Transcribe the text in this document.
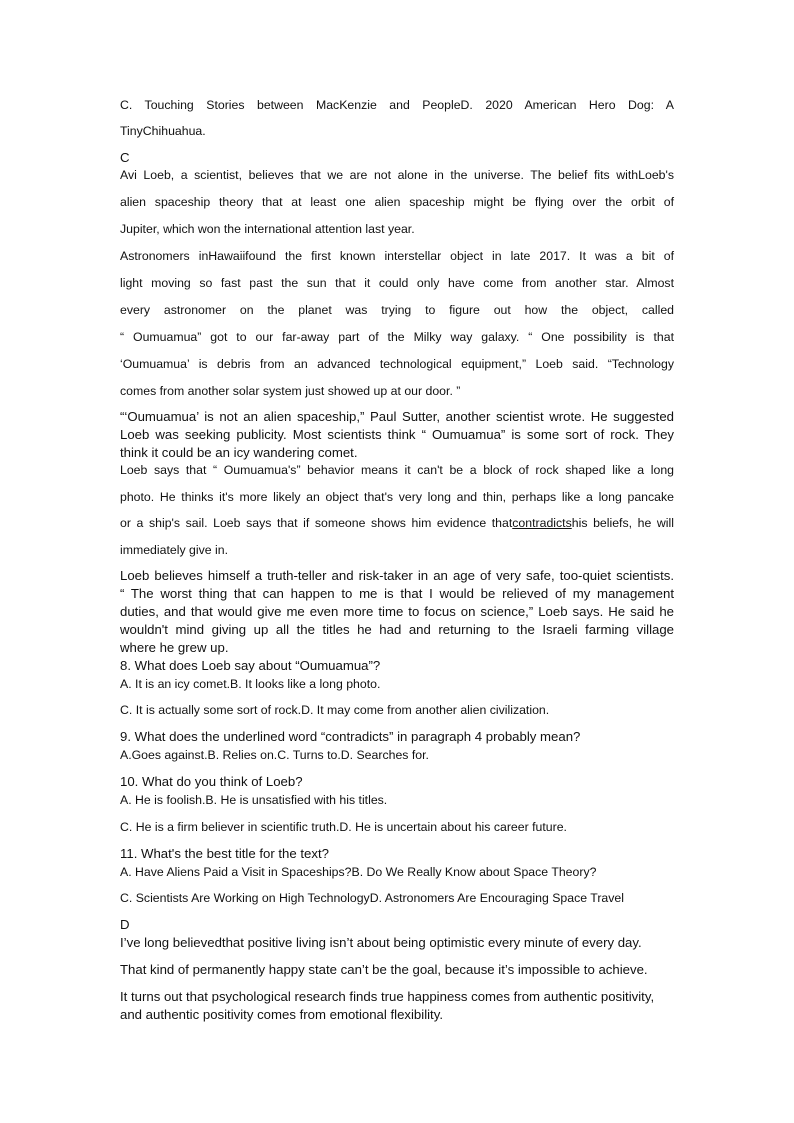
C. Touching Stories between MacKenzie and PeopleD. 2020 American Hero Dog: A
TinyChihuahua.
C
Avi Loeb, a scientist, believes that we are not alone in the universe. The belief fits withLoeb's
alien spaceship theory that at least one alien spaceship might be flying over the orbit of
Jupiter, which won the international attention last year.
Astronomers inHawaiifound the first known interstellar object in late 2017. It was a bit of
light moving so fast past the sun that it could only have come from another star. Almost
every astronomer on the planet was trying to figure out how the object, called
“ Oumuamua” got to our far-away part of the Milky way galaxy. “ One possibility is that
‘Oumuamua’ is debris from an advanced technological equipment,” Loeb said. “Technology
comes from another solar system just showed up at our door. ”
“‘Oumuamua’ is not an alien spaceship,” Paul Sutter, another scientist wrote. He suggested
Loeb was seeking publicity. Most scientists think “ Oumuamua” is some sort of rock. They
think it could be an icy wandering comet.
Loeb says that “ Oumuamua's” behavior means it can't be a block of rock shaped like a long
photo. He thinks it's more likely an object that's very long and thin, perhaps like a long pancake
or a ship's sail. Loeb says that if someone shows him evidence thatcontradictshis beliefs, he will
immediately give in.
Loeb believes himself a truth-teller and risk-taker in an age of very safe, too-quiet scientists.
“ The worst thing that can happen to me is that I would be relieved of my management
duties, and that would give me even more time to focus on science,” Loeb says. He said he
wouldn't mind giving up all the titles he had and returning to the Israeli farming village
where he grew up.
8. What does Loeb say about “Oumuamua”?
A. It is an icy comet.B. It looks like a long photo.
C. It is actually some sort of rock.D. It may come from another alien civilization.
9. What does the underlined word “contradicts” in paragraph 4 probably mean?
A.Goes against.B. Relies on.C. Turns to.D. Searches for.
10. What do you think of Loeb?
A. He is foolish.B. He is unsatisfied with his titles.
C. He is a firm believer in scientific truth.D. He is uncertain about his career future.
11. What's the best title for the text?
A. Have Aliens Paid a Visit in Spaceships?B. Do We Really Know about Space Theory?
C. Scientists Are Working on High TechnologyD. Astronomers Are Encouraging Space Travel
D
I’ve long believedthat positive living isn’t about being optimistic every minute of every day.
That kind of permanently happy state can’t be the goal, because it’s impossible to achieve.
It turns out that psychological research finds true happiness comes from authentic positivity,
and authentic positivity comes from emotional flexibility.
